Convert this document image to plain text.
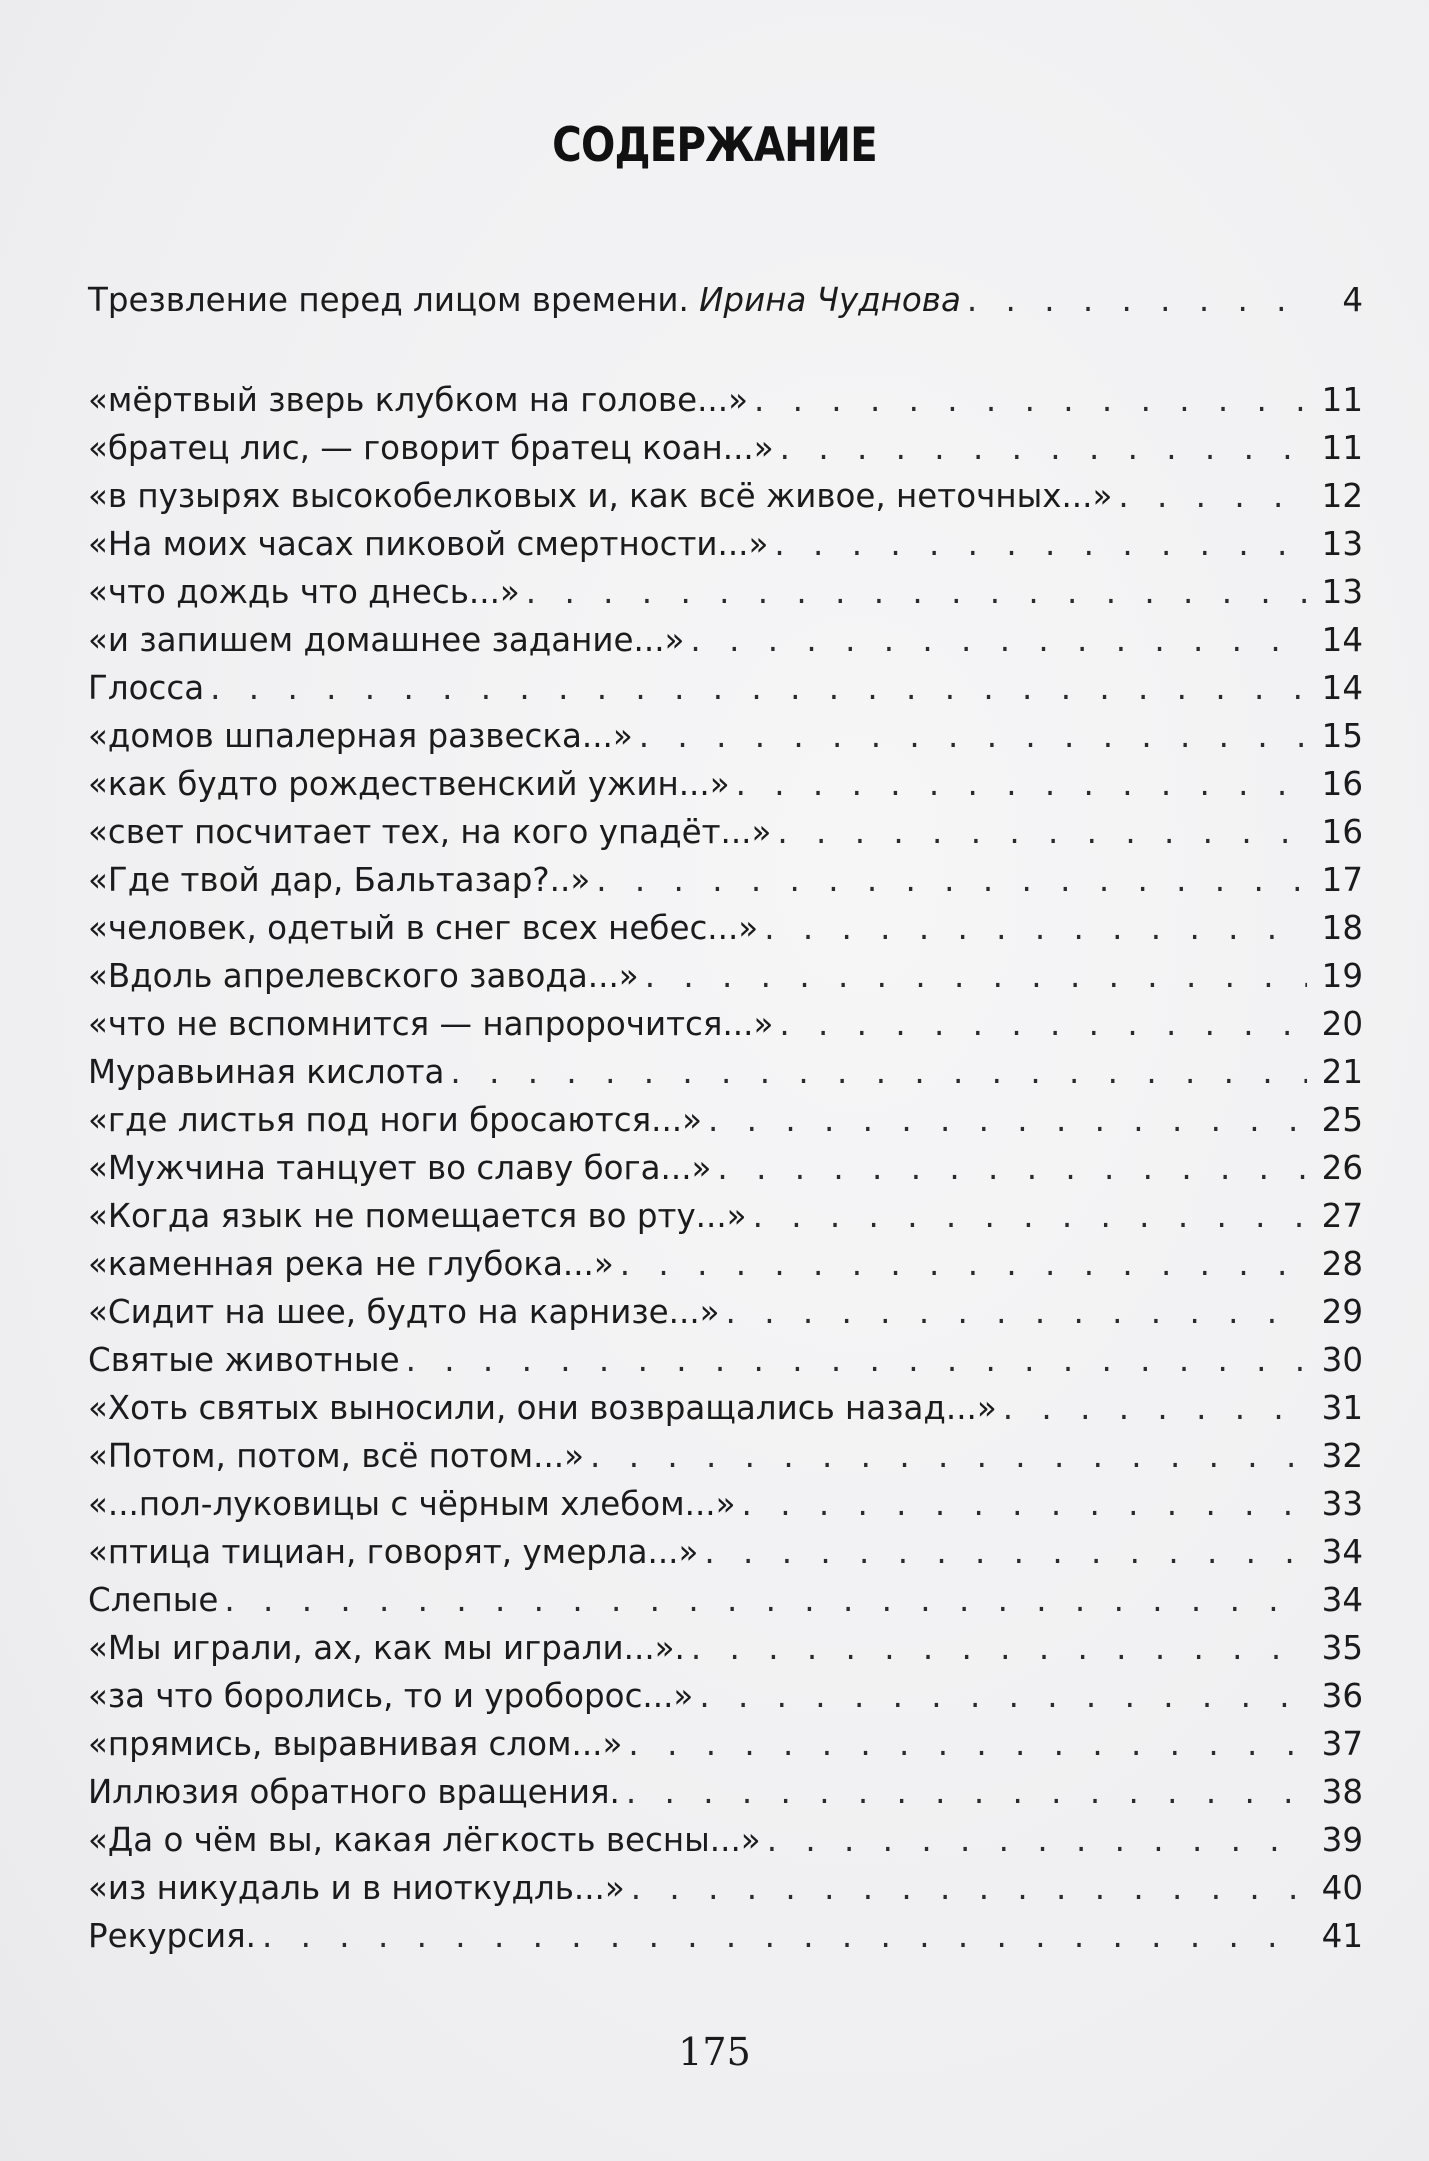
СОДЕРЖАНИЕ
Трезвление перед лицом времени. Ирина Чуднова . . .	4
«мёртвый зверь клубком на голове...» . . .	11
«братец лис, — говорит братец коан...» . . .	11
«в пузырях высокобелковых и, как всё живое, неточных...» . . .	12
«На моих часах пиковой смертности...» . . .	13
«что дождь что днесь...» . . .	13
«и запишем домашнее задание...» . . .	14
Глосса . . .	14
«домов шпалерная развеска...» . . .	15
«как будто рождественский ужин...» . . .	16
«свет посчитает тех, на кого упадёт...» . . .	16
«Где твой дар, Бальтазар?..» . . .	17
«человек, одетый в снег всех небес...» . . .	18
«Вдоль апрелевского завода...» . . .	19
«что не вспомнится — напророчится...» . . .	20
Муравьиная кислота . . .	21
«где листья под ноги бросаются...» . . .	25
«Мужчина танцует во славу бога...» . . .	26
«Когда язык не помещается во рту...» . . .	27
«каменная река не глубока...» . . .	28
«Сидит на шее, будто на карнизе...» . . .	29
Святые животные . . .	30
«Хоть святых выносили, они возвращались назад...» . . .	31
«Потом, потом, всё потом...» . . .	32
«...пол-луковицы с чёрным хлебом...» . . .	33
«птица тициан, говорят, умерла...» . . .	34
Слепые . . .	34
«Мы играли, ах, как мы играли...». . . .	35
«за что боролись, то и уроборос...» . . .	36
«прямись, выравнивая слом...» . . .	37
Иллюзия обратного вращения. . . .	38
«Да о чём вы, какая лёгкость весны...» . . .	39
«из никудаль и в ниоткудль...» . . .	40
Рекурсия. . . .	41
175
